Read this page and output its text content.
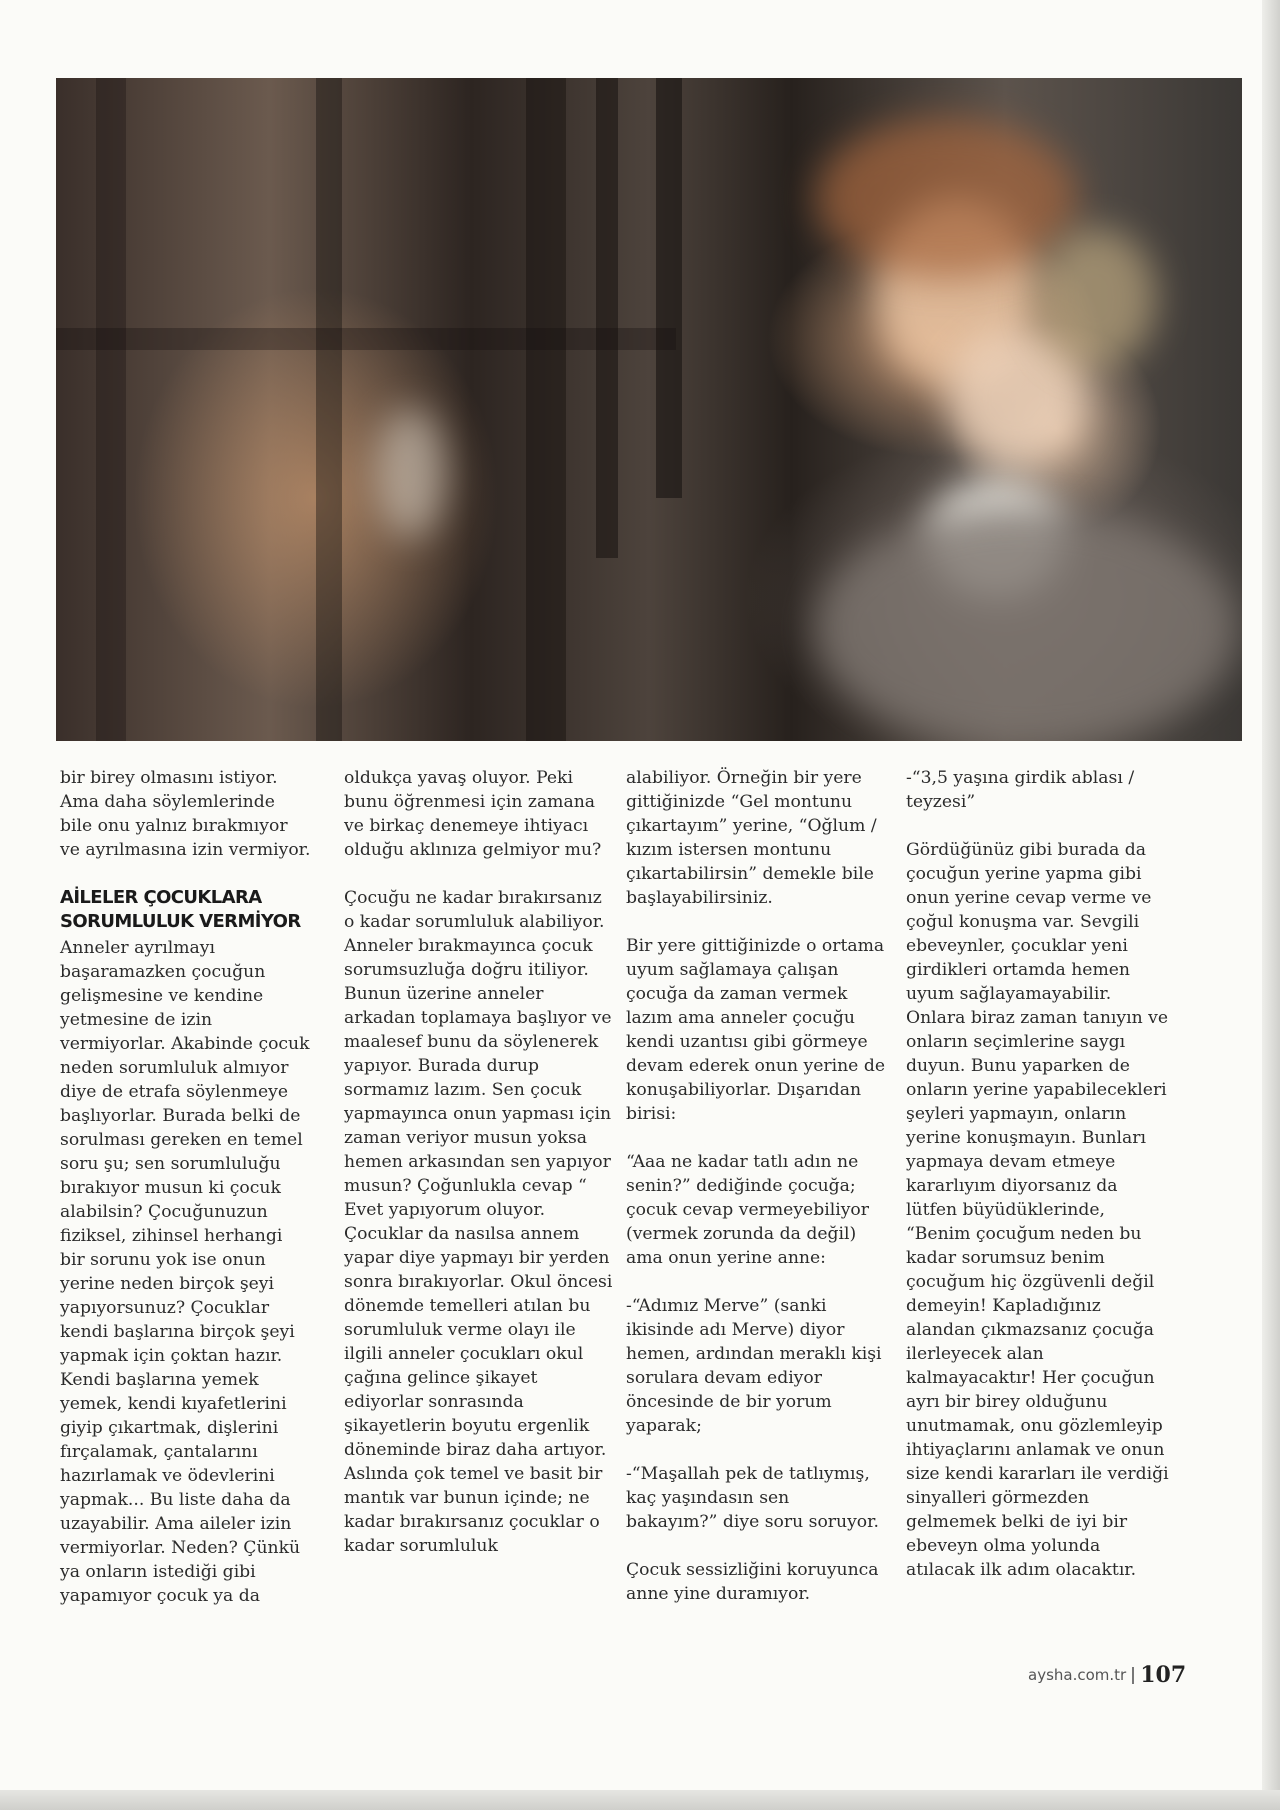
bir birey olmasını istiyor. Ama daha söylemlerinde bile onu yalnız bırakmıyor ve ayrılmasına izin vermiyor.

AİLELER ÇOCUKLARA SORUMLULUK VERMİYOR

Anneler ayrılmayı başaramazken çocuğun gelişmesine ve kendine yetmesine de izin vermiyorlar. Akabinde çocuk neden sorumluluk almıyor diye de etrafa söylenmeye başlıyorlar. Burada belki de sorulması gereken en temel soru şu; sen sorumluluğu bırakıyor musun ki çocuk alabilsin? Çocuğunuzun fiziksel, zihinsel herhangi bir sorunu yok ise onun yerine neden birçok şeyi yapıyorsunuz? Çocuklar kendi başlarına birçok şeyi yapmak için çoktan hazır. Kendi başlarına yemek yemek, kendi kıyafetlerini giyip çıkartmak, dişlerini fırçalamak, çantalarını hazırlamak ve ödevlerini yapmak... Bu liste daha da uzayabilir. Ama aileler izin vermiyorlar. Neden? Çünkü ya onların istediği gibi yapamıyor çocuk ya da

oldukça yavaş oluyor. Peki bunu öğrenmesi için zamana ve birkaç denemeye ihtiyacı olduğu aklınıza gelmiyor mu?

Çocuğu ne kadar bırakırsanız o kadar sorumluluk alabiliyor. Anneler bırakmayınca çocuk sorumsuzluğa doğru itiliyor. Bunun üzerine anneler arkadan toplamaya başlıyor ve maalesef bunu da söylenerek yapıyor. Burada durup sormamız lazım. Sen çocuk yapmayınca onun yapması için zaman veriyor musun yoksa hemen arkasından sen yapıyor musun? Çoğunlukla cevap “ Evet yapıyorum oluyor. Çocuklar da nasılsa annem yapar diye yapmayı bir yerden sonra bırakıyorlar. Okul öncesi dönemde temelleri atılan bu sorumluluk verme olayı ile ilgili anneler çocukları okul çağına gelince şikayet ediyorlar sonrasında şikayetlerin boyutu ergenlik döneminde biraz daha artıyor. Aslında çok temel ve basit bir mantık var bunun içinde; ne kadar bırakırsanız çocuklar o kadar sorumluluk

alabiliyor. Örneğin bir yere gittiğinizde “Gel montunu çıkartayım” yerine, “Oğlum / kızım istersen montunu çıkartabilirsin” demekle bile başlayabilirsiniz.

Bir yere gittiğinizde o ortama uyum sağlamaya çalışan çocuğa da zaman vermek lazım ama anneler çocuğu kendi uzantısı gibi görmeye devam ederek onun yerine de konuşabiliyorlar. Dışarıdan birisi:

“Aaa ne kadar tatlı adın ne senin?” dediğinde çocuğa; çocuk cevap vermeyebiliyor (vermek zorunda da değil) ama onun yerine anne:

-“Adımız Merve” (sanki ikisinde adı Merve) diyor hemen, ardından meraklı kişi sorulara devam ediyor öncesinde de bir yorum yaparak;

-“Maşallah pek de tatlıymış, kaç yaşındasın sen bakayım?” diye soru soruyor.

Çocuk sessizliğini koruyunca anne yine duramıyor.

-“3,5 yaşına girdik ablası / teyzesi”

Gördüğünüz gibi burada da çocuğun yerine yapma gibi onun yerine cevap verme ve çoğul konuşma var. Sevgili ebeveynler, çocuklar yeni girdikleri ortamda hemen uyum sağlayamayabilir. Onlara biraz zaman tanıyın ve onların seçimlerine saygı duyun. Bunu yaparken de onların yerine yapabilecekleri şeyleri yapmayın, onların yerine konuşmayın. Bunları yapmaya devam etmeye kararlıyım diyorsanız da lütfen büyüdüklerinde, “Benim çocuğum neden bu kadar sorumsuz benim çocuğum hiç özgüvenli değil demeyin! Kapladığınız alandan çıkmazsanız çocuğa ilerleyecek alan kalmayacaktır! Her çocuğun ayrı bir birey olduğunu unutmamak, onu gözlemleyip ihtiyaçlarını anlamak ve onun size kendi kararları ile verdiği sinyalleri görmezden gelmemek belki de iyi bir ebeveyn olma yolunda atılacak ilk adım olacaktır.

aysha.com.tr 107
